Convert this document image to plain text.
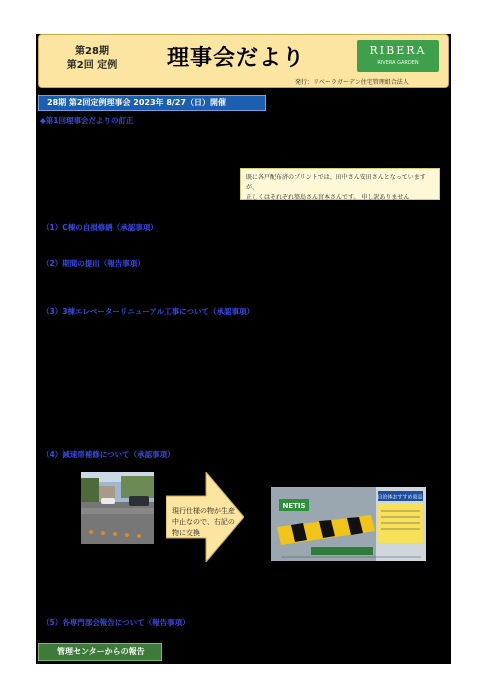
第28期
第2回 定例	理事会だより	RIBERA
RIVERA GARDEN
発行：リベーラガーデン住宅管理組合法人
28期 第2回定例理事会 2023年 8/27（日）開催
◆第1回理事会だよりの訂正
既に各戸配布済のプリントでは、田中さん安田さんとなっていますが、
正しくはそれぞれ築島さん宮本さんです。 申し訳ありません
（1）C棟の自損修繕（承認事項）
（2）期間の提出（報告事項）
（3）3棟エレベーターリニューアル工事について（承認事項）
（4）減速帯補修について（承認事項）
現行仕様の物が生産中止なので、右記の物に交換
NETIS
自治体おすすめ商品
（5）各専門部会報告について（報告事項）
管理センターからの報告
